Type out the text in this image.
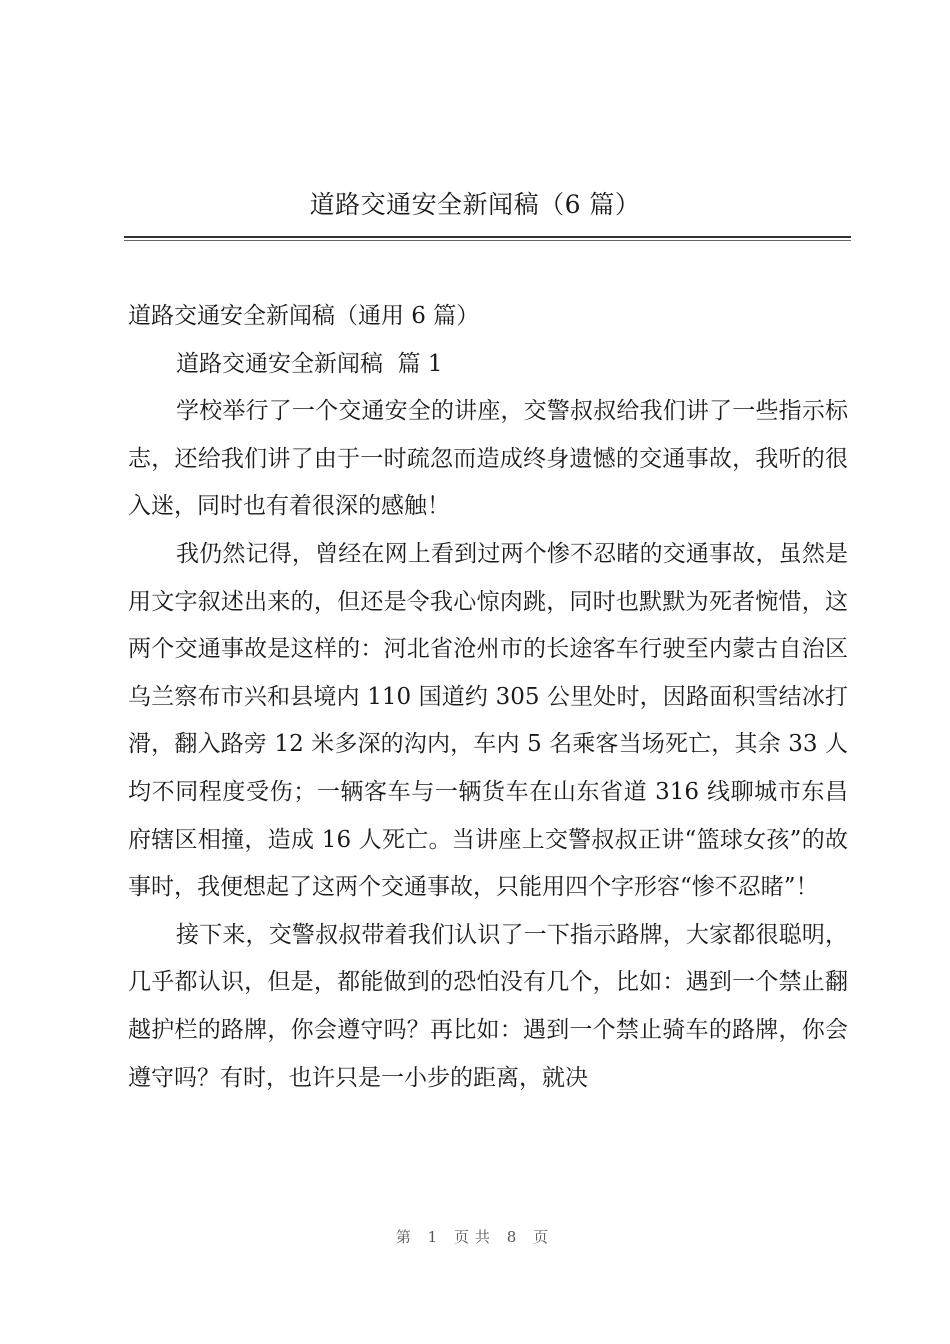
道路交通安全新闻稿（6 篇）

道路交通安全新闻稿（通用 6 篇）

道路交通安全新闻稿  篇 1

学校举行了一个交通安全的讲座，交警叔叔给我们讲了一些指示标志，还给我们讲了由于一时疏忽而造成终身遗憾的交通事故，我听的很入迷，同时也有着很深的感触！

我仍然记得，曾经在网上看到过两个惨不忍睹的交通事故，虽然是用文字叙述出来的，但还是令我心惊肉跳，同时也默默为死者惋惜，这两个交通事故是这样的：河北省沧州市的长途客车行驶至内蒙古自治区乌兰察布市兴和县境内 110 国道约 305 公里处时，因路面积雪结冰打滑，翻入路旁 12 米多深的沟内，车内 5 名乘客当场死亡，其余 33 人均不同程度受伤；一辆客车与一辆货车在山东省道 316 线聊城市东昌府辖区相撞，造成 16 人死亡。当讲座上交警叔叔正讲“篮球女孩”的故事时，我便想起了这两个交通事故，只能用四个字形容“惨不忍睹”！

接下来，交警叔叔带着我们认识了一下指示路牌，大家都很聪明，几乎都认识，但是，都能做到的恐怕没有几个，比如：遇到一个禁止翻越护栏的路牌，你会遵守吗？再比如：遇到一个禁止骑车的路牌，你会遵守吗？有时，也许只是一小步的距离，就决

第 1 页共 8 页
